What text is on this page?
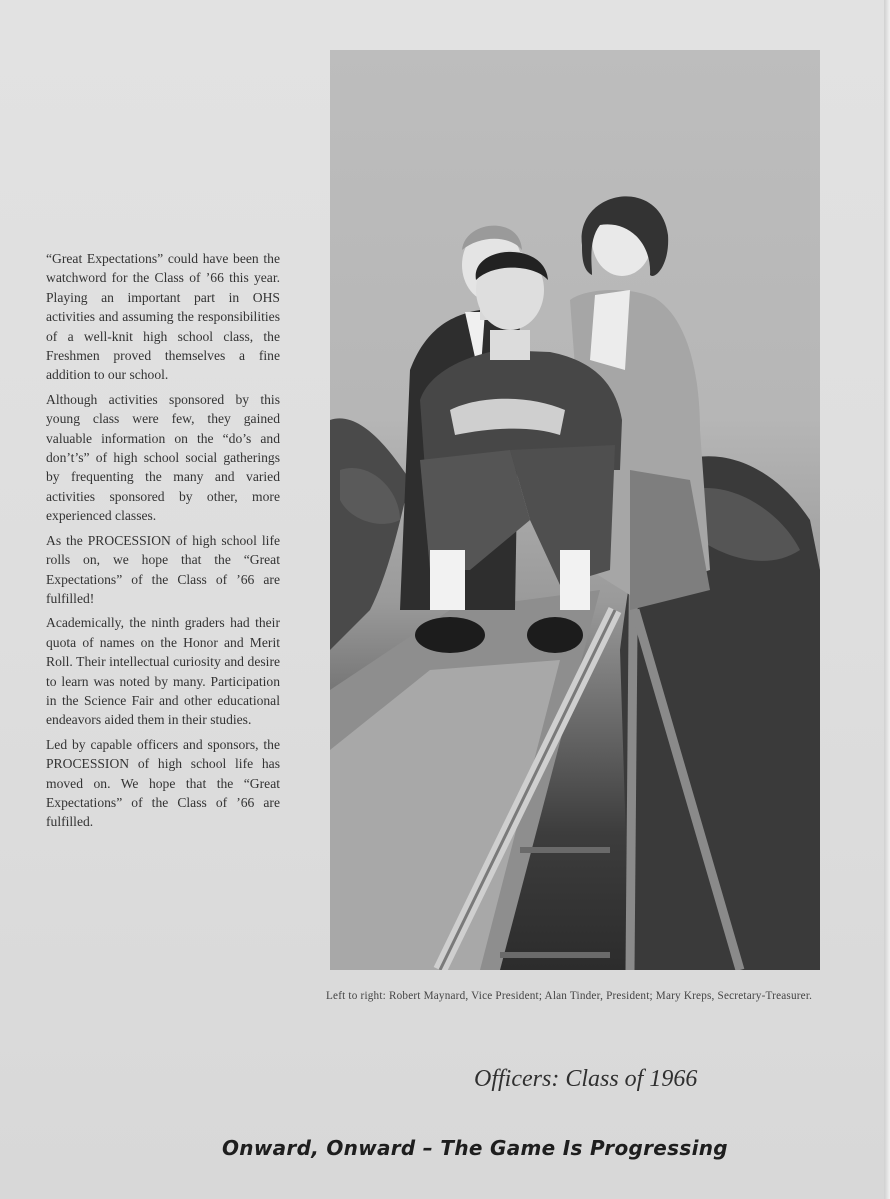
“Great Expectations” could have been the watchword for the Class of ’66 this year. Playing an important part in OHS activities and assuming the responsibilities of a well-knit high school class, the Freshmen proved themselves a fine addition to our school.

Although activities sponsored by this young class were few, they gained valuable information on the “do’s and don’t’s” of high school social gatherings by frequenting the many and varied activities sponsored by other, more experienced classes.

As the PROCESSION of high school life rolls on, we hope that the “Great Expectations” of the Class of ’66 are fulfilled!

Academically, the ninth graders had their quota of names on the Honor and Merit Roll. Their intellectual curiosity and desire to learn was noted by many. Participation in the Science Fair and other educational endeavors aided them in their studies.

Led by capable officers and sponsors, the PROCESSION of high school life has moved on. We hope that the “Great Expectations” of the Class of ’66 are fulfilled.

Left to right: Robert Maynard, Vice President; Alan Tinder, President; Mary Kreps, Secretary-Treasurer.
Officers: Class of 1966
Onward, Onward – The Game Is Progressing
